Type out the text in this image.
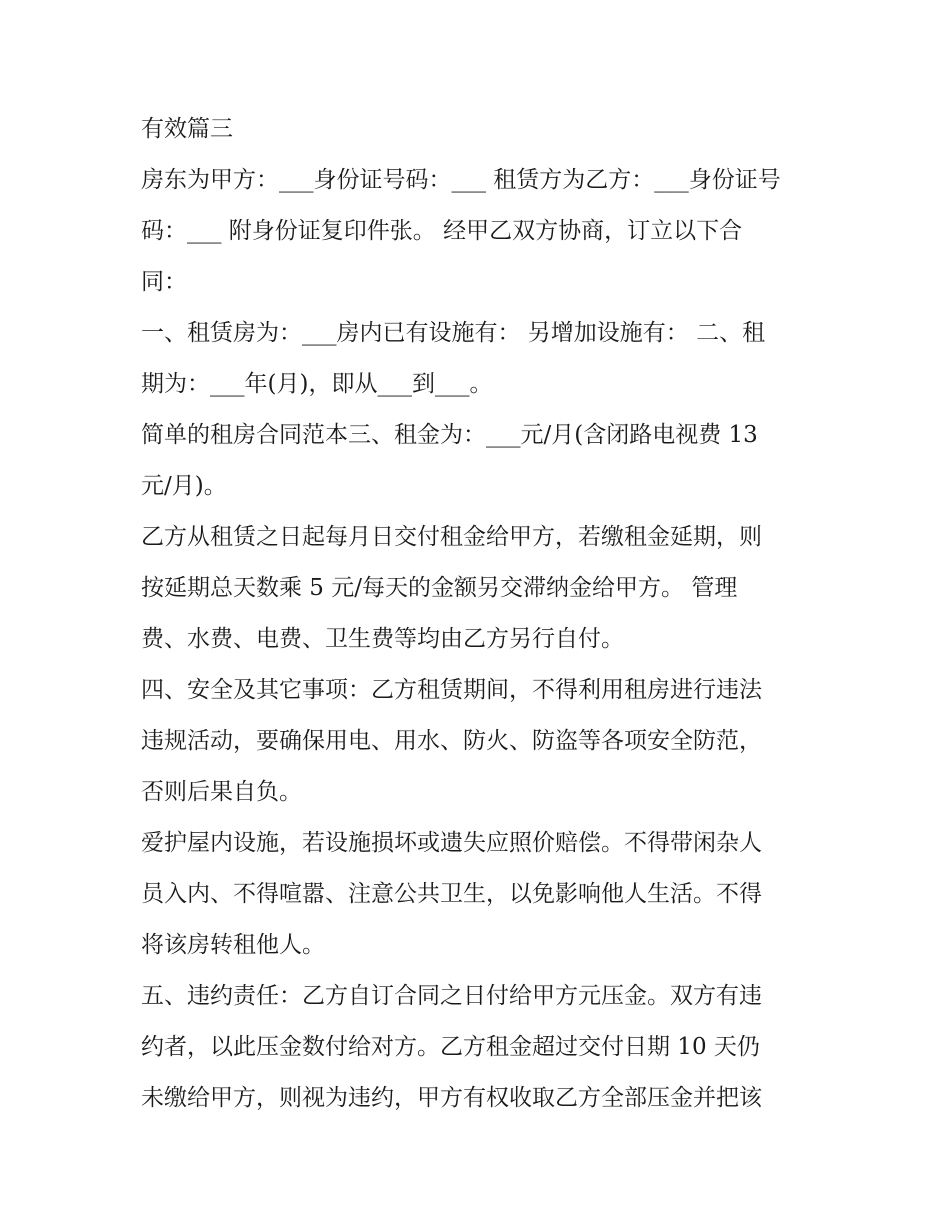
有效篇三

房东为甲方：___身份证号码：___ 租赁方为乙方：___身份证号
码：___ 附身份证复印件张。 经甲乙双方协商，订立以下合
同：

一、租赁房为：___房内已有设施有： 另增加设施有： 二、租
期为：___年(月)，即从___到___。

简单的租房合同范本三、租金为：___元/月(含闭路电视费 13
元/月)。

乙方从租赁之日起每月日交付租金给甲方，若缴租金延期，则
按延期总天数乘 5 元/每天的金额另交滞纳金给甲方。 管理
费、水费、电费、卫生费等均由乙方另行自付。

四、安全及其它事项：乙方租赁期间，不得利用租房进行违法
违规活动，要确保用电、用水、防火、防盗等各项安全防范，
否则后果自负。

爱护屋内设施，若设施损坏或遗失应照价赔偿。不得带闲杂人
员入内、不得喧嚣、注意公共卫生，以免影响他人生活。不得
将该房转租他人。

五、违约责任：乙方自订合同之日付给甲方元压金。双方有违
约者，以此压金数付给对方。乙方租金超过交付日期 10 天仍
未缴给甲方，则视为违约，甲方有权收取乙方全部压金并把该
